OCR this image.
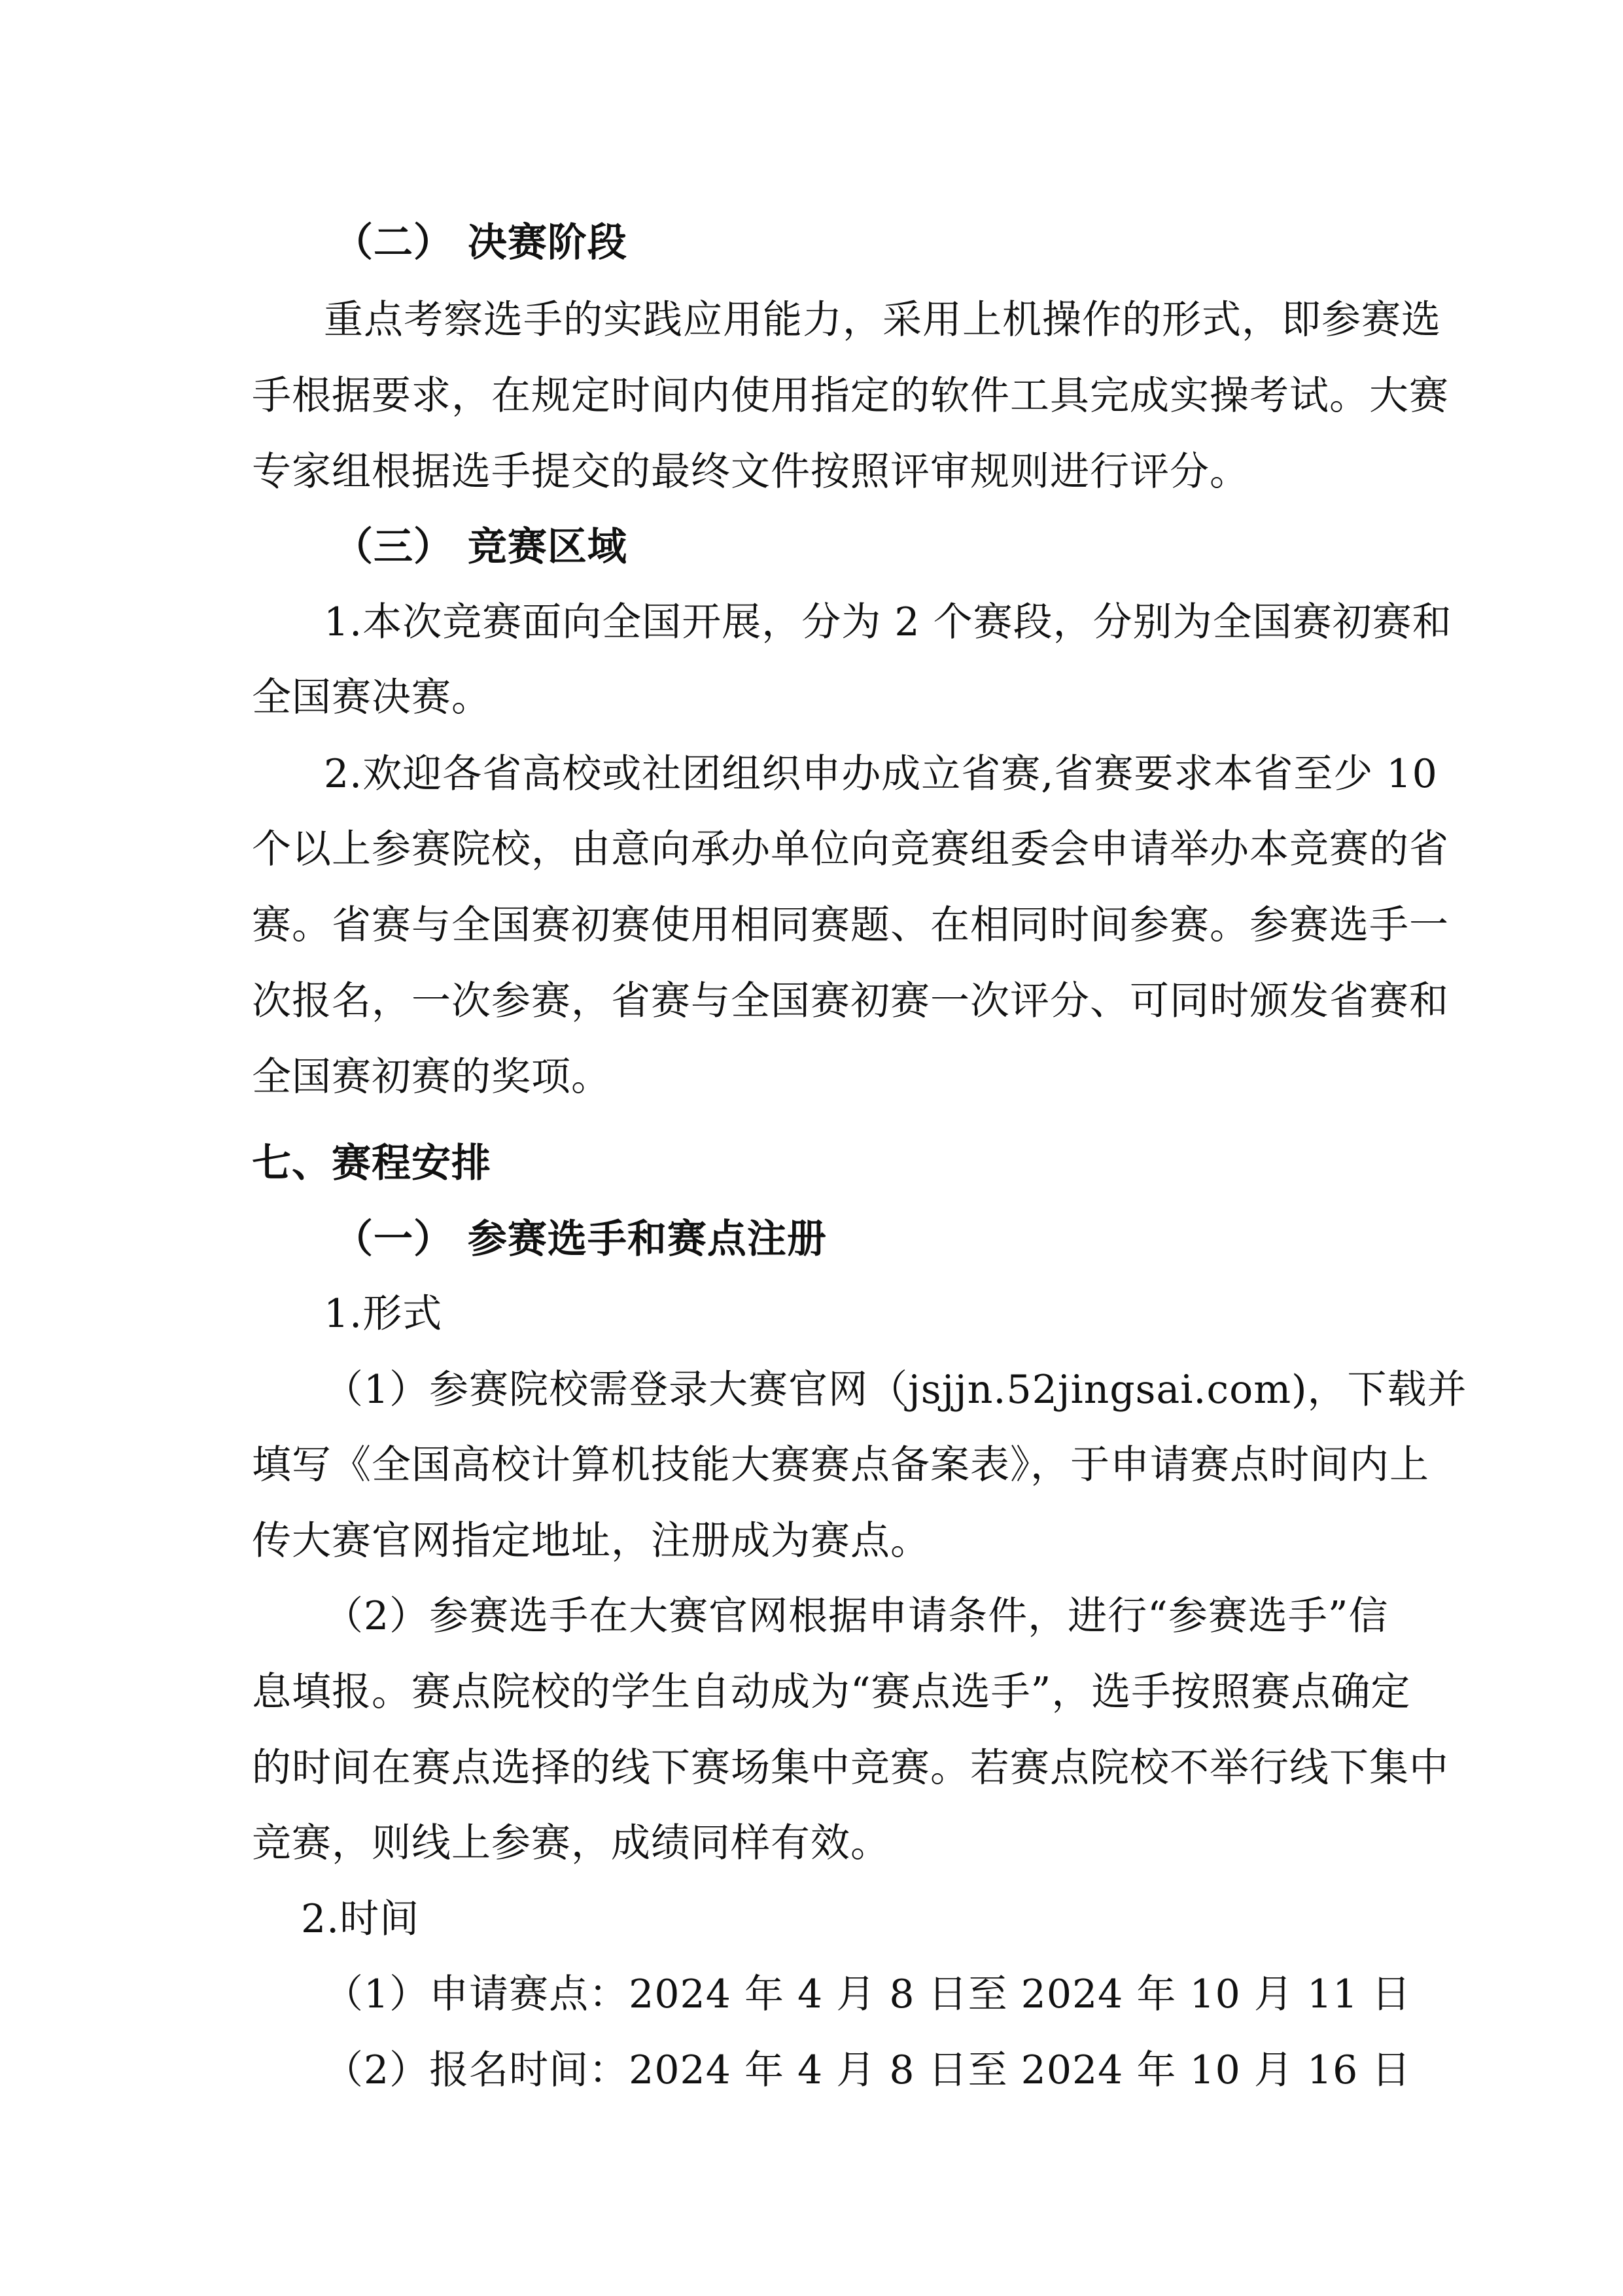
（二） 决赛阶段
重点考察选手的实践应用能力，采用上机操作的形式，即参赛选
手根据要求，在规定时间内使用指定的软件工具完成实操考试。大赛
专家组根据选手提交的最终文件按照评审规则进行评分。
（三） 竞赛区域
1.本次竞赛面向全国开展，分为 2 个赛段，分别为全国赛初赛和
全国赛决赛。
2.欢迎各省高校或社团组织申办成立省赛,省赛要求本省至少 10
个以上参赛院校，由意向承办单位向竞赛组委会申请举办本竞赛的省
赛。省赛与全国赛初赛使用相同赛题、在相同时间参赛。参赛选手一
次报名，一次参赛，省赛与全国赛初赛一次评分、可同时颁发省赛和
全国赛初赛的奖项。
七、赛程安排
（一） 参赛选手和赛点注册
1.形式
（1）参赛院校需登录大赛官网（jsjjn.52jingsai.com)，下载并
填写《全国高校计算机技能大赛赛点备案表》，于申请赛点时间内上
传大赛官网指定地址，注册成为赛点。
（2）参赛选手在大赛官网根据申请条件，进行“参赛选手”信
息填报。赛点院校的学生自动成为“赛点选手”，选手按照赛点确定
的时间在赛点选择的线下赛场集中竞赛。若赛点院校不举行线下集中
竞赛，则线上参赛，成绩同样有效。
2.时间
（1）申请赛点：2024 年 4 月 8 日至 2024 年 10 月 11 日
（2）报名时间：2024 年 4 月 8 日至 2024 年 10 月 16 日
